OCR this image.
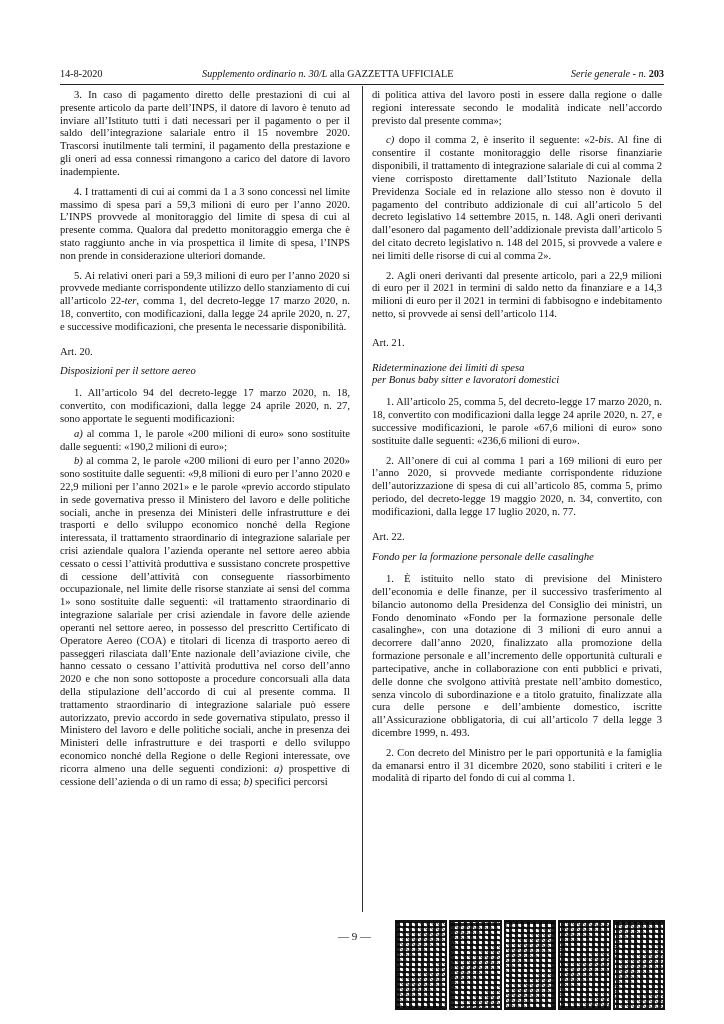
14-8-2020	Supplemento ordinario n. 30/L alla GAZZETTA UFFICIALE	Serie generale - n. 203

3. In caso di pagamento diretto delle prestazioni di cui al presente articolo da parte dell’INPS, il datore di lavoro è tenuto ad inviare all’Istituto tutti i dati necessari per il pagamento o per il saldo dell’integrazione salariale entro il 15 novembre 2020. Trascorsi inutilmente tali termini, il pagamento della prestazione e gli oneri ad essa connessi rimangono a carico del datore di lavoro inadempiente.

4. I trattamenti di cui ai commi da 1 a 3 sono concessi nel limite massimo di spesa pari a 59,3 milioni di euro per l’anno 2020. L’INPS provvede al monitoraggio del limite di spesa di cui al presente comma. Qualora dal predetto monitoraggio emerga che è stato raggiunto anche in via prospettica il limite di spesa, l’INPS non prende in considerazione ulteriori domande.

5. Ai relativi oneri pari a 59,3 milioni di euro per l’anno 2020 si provvede mediante corrispondente utilizzo dello stanziamento di cui all’articolo 22-ter, comma 1, del decreto-legge 17 marzo 2020, n. 18, convertito, con modificazioni, dalla legge 24 aprile 2020, n. 27, e successive modificazioni, che presenta le necessarie disponibilità.

Art. 20.

Disposizioni per il settore aereo

1. All’articolo 94 del decreto-legge 17 marzo 2020, n. 18, convertito, con modificazioni, dalla legge 24 aprile 2020, n. 27, sono apportate le seguenti modificazioni:

a) al comma 1, le parole «200 milioni di euro» sono sostituite dalle seguenti: «190,2 milioni di euro»;

b) al comma 2, le parole «200 milioni di euro per l’anno 2020» sono sostituite dalle seguenti: «9,8 milioni di euro per l’anno 2020 e 22,9 milioni per l’anno 2021» e le parole «previo accordo stipulato in sede governativa presso il Ministero del lavoro e delle politiche sociali, anche in presenza dei Ministeri delle infrastrutture e dei trasporti e dello sviluppo economico nonché della Regione interessata, il trattamento straordinario di integrazione salariale per crisi aziendale qualora l’azienda operante nel settore aereo abbia cessato o cessi l’attività produttiva e sussistano concrete prospettive di cessione dell’attività con conseguente riassorbimento occupazionale, nel limite delle risorse stanziate ai sensi del comma 1» sono sostituite dalle seguenti: «il trattamento straordinario di integrazione salariale per crisi aziendale in favore delle aziende operanti nel settore aereo, in possesso del prescritto Certificato di Operatore Aereo (COA) e titolari di licenza di trasporto aereo di passeggeri rilasciata dall’Ente nazionale dell’aviazione civile, che hanno cessato o cessano l’attività produttiva nel corso dell’anno 2020 e che non sono sottoposte a procedure concorsuali alla data della stipulazione dell’accordo di cui al presente comma. Il trattamento straordinario di integrazione salariale può essere autorizzato, previo accordo in sede governativa stipulato, presso il Ministero del lavoro e delle politiche sociali, anche in presenza dei Ministeri delle infrastrutture e dei trasporti e dello sviluppo economico nonché della Regione o delle Regioni interessate, ove ricorra almeno una delle seguenti condizioni: a) prospettive di cessione dell’azienda o di un ramo di essa; b) specifici percorsi

di politica attiva del lavoro posti in essere dalla regione o dalle regioni interessate secondo le modalità indicate nell’accordo previsto dal presente comma»;

c) dopo il comma 2, è inserito il seguente: «2-bis. Al fine di consentire il costante monitoraggio delle risorse finanziarie disponibili, il trattamento di integrazione salariale di cui al comma 2 viene corrisposto direttamente dall’Istituto Nazionale della Previdenza Sociale ed in relazione allo stesso non è dovuto il pagamento del contributo addizionale di cui all’articolo 5 del decreto legislativo 14 settembre 2015, n. 148. Agli oneri derivanti dall’esonero dal pagamento dell’addizionale prevista dall’articolo 5 del citato decreto legislativo n. 148 del 2015, si provvede a valere e nei limiti delle risorse di cui al comma 2».

2. Agli oneri derivanti dal presente articolo, pari a 22,9 milioni di euro per il 2021 in termini di saldo netto da finanziare e a 14,3 milioni di euro per il 2021 in termini di fabbisogno e indebitamento netto, si provvede ai sensi dell’articolo 114.

Art. 21.

Rideterminazione dei limiti di spesa

per Bonus baby sitter e lavoratori domestici

1. All’articolo 25, comma 5, del decreto-legge 17 marzo 2020, n. 18, convertito con modificazioni dalla legge 24 aprile 2020, n. 27, e successive modificazioni, le parole «67,6 milioni di euro» sono sostituite dalle seguenti: «236,6 milioni di euro».

2. All’onere di cui al comma 1 pari a 169 milioni di euro per l’anno 2020, si provvede mediante corrispondente riduzione dell’autorizzazione di spesa di cui all’articolo 85, comma 5, primo periodo, del decreto-legge 19 maggio 2020, n. 34, convertito, con modificazioni, dalla legge 17 luglio 2020, n. 77.

Art. 22.

Fondo per la formazione personale delle casalinghe

1. È istituito nello stato di previsione del Ministero dell’economia e delle finanze, per il successivo trasferimento al bilancio autonomo della Presidenza del Consiglio dei ministri, un Fondo denominato «Fondo per la formazione personale delle casalinghe», con una dotazione di 3 milioni di euro annui a decorrere dall’anno 2020, finalizzato alla promozione della formazione personale e all’incremento delle opportunità culturali e partecipative, anche in collaborazione con enti pubblici e privati, delle donne che svolgono attività prestate nell’ambito domestico, senza vincolo di subordinazione e a titolo gratuito, finalizzate alla cura delle persone e dell’ambiente domestico, iscritte all’Assicurazione obbligatoria, di cui all’articolo 7 della legge 3 dicembre 1999, n. 493.

2. Con decreto del Ministro per le pari opportunità e la famiglia da emanarsi entro il 31 dicembre 2020, sono stabiliti i criteri e le modalità di riparto del fondo di cui al comma 1.

— 9 —
